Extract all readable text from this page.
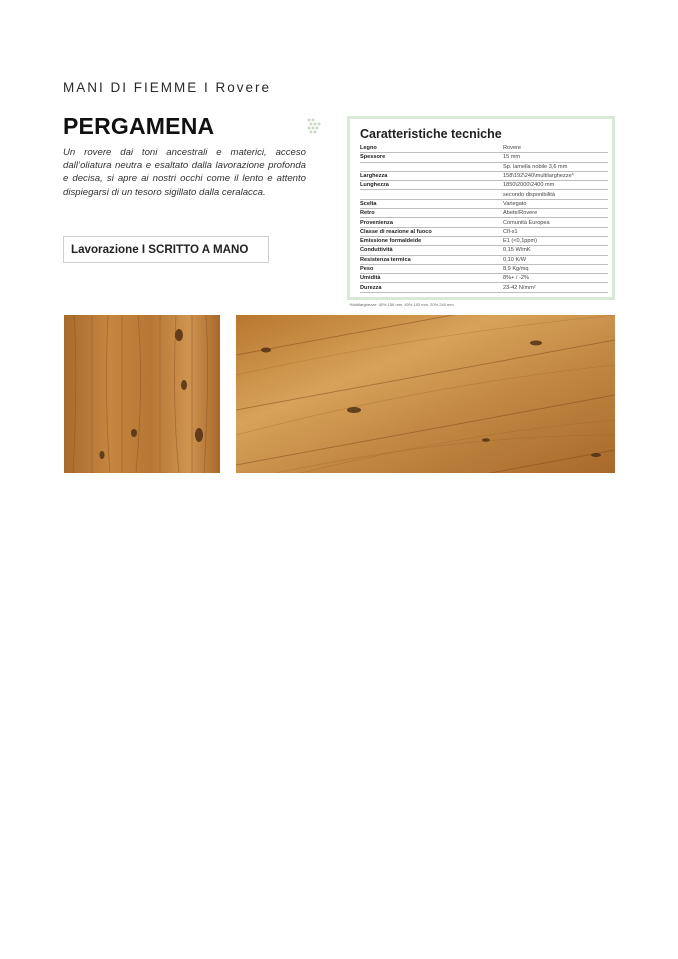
MANI DI FIEMME I Rovere
PERGAMENA

Un rovere dai toni ancestrali e materici, acceso dall’oliatura neutra e esaltato dalla lavorazione profonda e decisa, si apre ai nostri occhi come il lento e attento dispiegarsi di un tesoro sigillato dalla ceralacca.

Lavorazione I SCRITTO A MANO
Caratteristiche tecniche
Legno	Rovere
Spessore	15 mm
	Sp. lamella nobile 3,6 mm
Larghezza	158\192\240\multilarghezze*
Lunghezza	1850\2000\2400 mm
	secondo disponibilità
Scelta	Variegato
Retro	Abete/Rovere
Provenienza	Comunità Europea
Classe di reazione al fuoco	Cfl-s1
Emissione formaldeide	E1 (<0,1ppm)
Conduttività	0,15 W/mK
Resistenza termica	0,10 K/W
Peso	8,9 Kg/mq
Umidità	8%+ / -2%
Durezza	23-42 N/mm²
*Multilarghezze: 40% 158 mm, 40% 192 mm, 20% 240 mm
